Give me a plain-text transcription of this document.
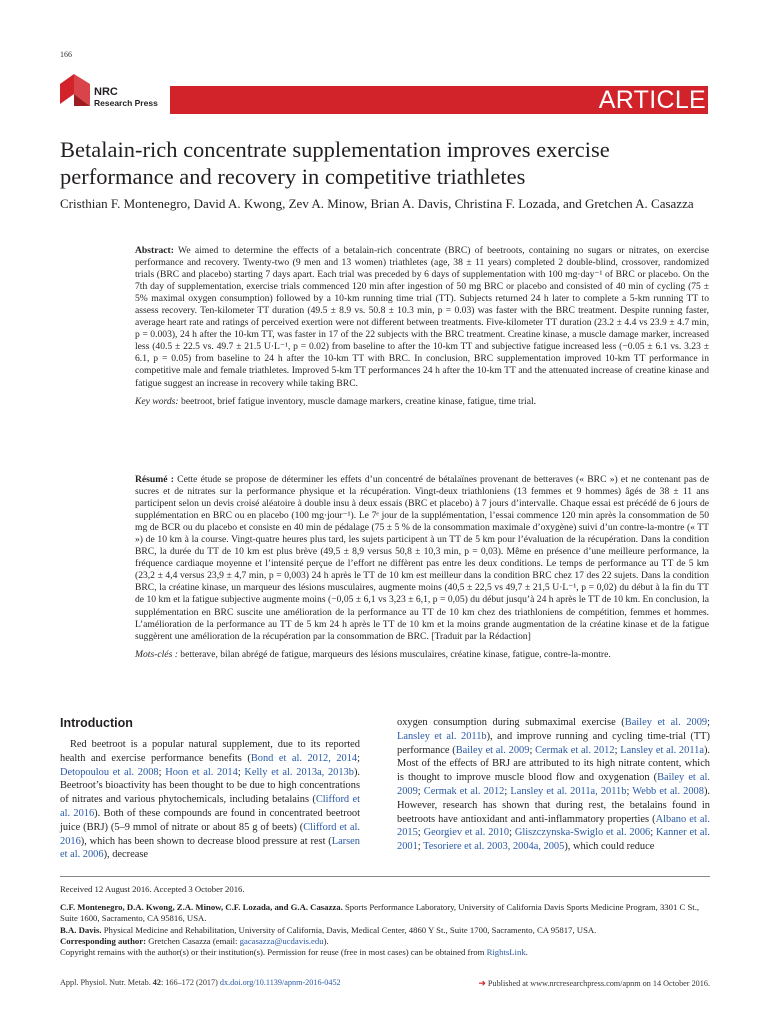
166
NRC
Research Press	ARTICLE
Betalain-rich concentrate supplementation improves exercise performance and recovery in competitive triathletes
Cristhian F. Montenegro, David A. Kwong, Zev A. Minow, Brian A. Davis, Christina F. Lozada, and Gretchen A. Casazza

Abstract: We aimed to determine the effects of a betalain-rich concentrate (BRC) of beetroots, containing no sugars or nitrates, on exercise performance and recovery. Twenty-two (9 men and 13 women) triathletes (age, 38 ± 11 years) completed 2 double-blind, crossover, randomized trials (BRC and placebo) starting 7 days apart. Each trial was preceded by 6 days of supplementation with 100 mg·day⁻¹ of BRC or placebo. On the 7th day of supplementation, exercise trials commenced 120 min after ingestion of 50 mg BRC or placebo and consisted of 40 min of cycling (75 ± 5% maximal oxygen consumption) followed by a 10-km running time trial (TT). Subjects returned 24 h later to complete a 5-km running TT to assess recovery. Ten-kilometer TT duration (49.5 ± 8.9 vs. 50.8 ± 10.3 min, p = 0.03) was faster with the BRC treatment. Despite running faster, average heart rate and ratings of perceived exertion were not different between treatments. Five-kilometer TT duration (23.2 ± 4.4 vs 23.9 ± 4.7 min, p = 0.003), 24 h after the 10-km TT, was faster in 17 of the 22 subjects with the BRC treatment. Creatine kinase, a muscle damage marker, increased less (40.5 ± 22.5 vs. 49.7 ± 21.5 U·L⁻¹, p = 0.02) from baseline to after the 10-km TT and subjective fatigue increased less (−0.05 ± 6.1 vs. 3.23 ± 6.1, p = 0.05) from baseline to 24 h after the 10-km TT with BRC. In conclusion, BRC supplementation improved 10-km TT performance in competitive male and female triathletes. Improved 5-km TT performances 24 h after the 10-km TT and the attenuated increase of creatine kinase and fatigue suggest an increase in recovery while taking BRC.

Key words: beetroot, brief fatigue inventory, muscle damage markers, creatine kinase, fatigue, time trial.

Résumé : Cette étude se propose de déterminer les effets d’un concentré de bétalaïnes provenant de betteraves (« BRC ») et ne contenant pas de sucres et de nitrates sur la performance physique et la récupération. Vingt-deux triathloniens (13 femmes et 9 hommes) âgés de 38 ± 11 ans participent selon un devis croisé aléatoire à double insu à deux essais (BRC et placebo) à 7 jours d’intervalle. Chaque essai est précédé de 6 jours de supplémentation en BRC ou en placebo (100 mg·jour⁻¹). Le 7ᵉ jour de la supplémentation, l’essai commence 120 min après la consommation de 50 mg de BCR ou du placebo et consiste en 40 min de pédalage (75 ± 5 % de la consommation maximale d’oxygène) suivi d’un contre-la-montre (« TT ») de 10 km à la course. Vingt-quatre heures plus tard, les sujets participent à un TT de 5 km pour l’évaluation de la récupération. Dans la condition BRC, la durée du TT de 10 km est plus brève (49,5 ± 8,9 versus 50,8 ± 10,3 min, p = 0,03). Même en présence d’une meilleure performance, la fréquence cardiaque moyenne et l’intensité perçue de l’effort ne diffèrent pas entre les deux conditions. Le temps de performance au TT de 5 km (23,2 ± 4,4 versus 23,9 ± 4,7 min, p = 0,003) 24 h après le TT de 10 km est meilleur dans la condition BRC chez 17 des 22 sujets. Dans la condition BRC, la créatine kinase, un marqueur des lésions musculaires, augmente moins (40,5 ± 22,5 vs 49,7 ± 21,5 U·L⁻¹, p = 0,02) du début à la fin du TT de 10 km et la fatigue subjective augmente moins (−0,05 ± 6,1 vs 3,23 ± 6,1, p = 0,05) du début jusqu’à 24 h après le TT de 10 km. En conclusion, la supplémentation en BRC suscite une amélioration de la performance au TT de 10 km chez des triathloniens de compétition, femmes et hommes. L’amélioration de la performance au TT de 5 km 24 h après le TT de 10 km et la moins grande augmentation de la créatine kinase et de la fatigue suggèrent une amélioration de la récupération par la consommation de BRC. [Traduit par la Rédaction]

Mots-clés : betterave, bilan abrégé de fatigue, marqueurs des lésions musculaires, créatine kinase, fatigue, contre-la-montre.

Introduction

Red beetroot is a popular natural supplement, due to its reported health and exercise performance benefits (Bond et al. 2012, 2014; Detopoulou et al. 2008; Hoon et al. 2014; Kelly et al. 2013a, 2013b). Beetroot’s bioactivity has been thought to be due to high concentrations of nitrates and various phytochemicals, including betalains (Clifford et al. 2016). Both of these compounds are found in concentrated beetroot juice (BRJ) (5–9 mmol of nitrate or about 85 g of beets) (Clifford et al. 2016), which has been shown to decrease blood pressure at rest (Larsen et al. 2006), decrease

oxygen consumption during submaximal exercise (Bailey et al. 2009; Lansley et al. 2011b), and improve running and cycling time-trial (TT) performance (Bailey et al. 2009; Cermak et al. 2012; Lansley et al. 2011a). Most of the effects of BRJ are attributed to its high nitrate content, which is thought to improve muscle blood flow and oxygenation (Bailey et al. 2009; Cermak et al. 2012; Lansley et al. 2011a, 2011b; Webb et al. 2008). However, research has shown that during rest, the betalains found in beetroots have antioxidant and anti-inflammatory properties (Albano et al. 2015; Georgiev et al. 2010; Gliszczynska-Swiglo et al. 2006; Kanner et al. 2001; Tesoriere et al. 2003, 2004a, 2005), which could reduce

Received 12 August 2016. Accepted 3 October 2016.

C.F. Montenegro, D.A. Kwong, Z.A. Minow, C.F. Lozada, and G.A. Casazza. Sports Performance Laboratory, University of California Davis Sports Medicine Program, 3301 C St., Suite 1600, Sacramento, CA 95816, USA.

B.A. Davis. Physical Medicine and Rehabilitation, University of California, Davis, Medical Center, 4860 Y St., Suite 1700, Sacramento, CA 95817, USA.

Corresponding author: Gretchen Casazza (email: gacasazza@ucdavis.edu).

Copyright remains with the author(s) or their institution(s). Permission for reuse (free in most cases) can be obtained from RightsLink.

Appl. Physiol. Nutr. Metab. 42: 166–172 (2017) dx.doi.org/10.1139/apnm-2016-0452	➜ Published at www.nrcresearchpress.com/apnm on 14 October 2016.
